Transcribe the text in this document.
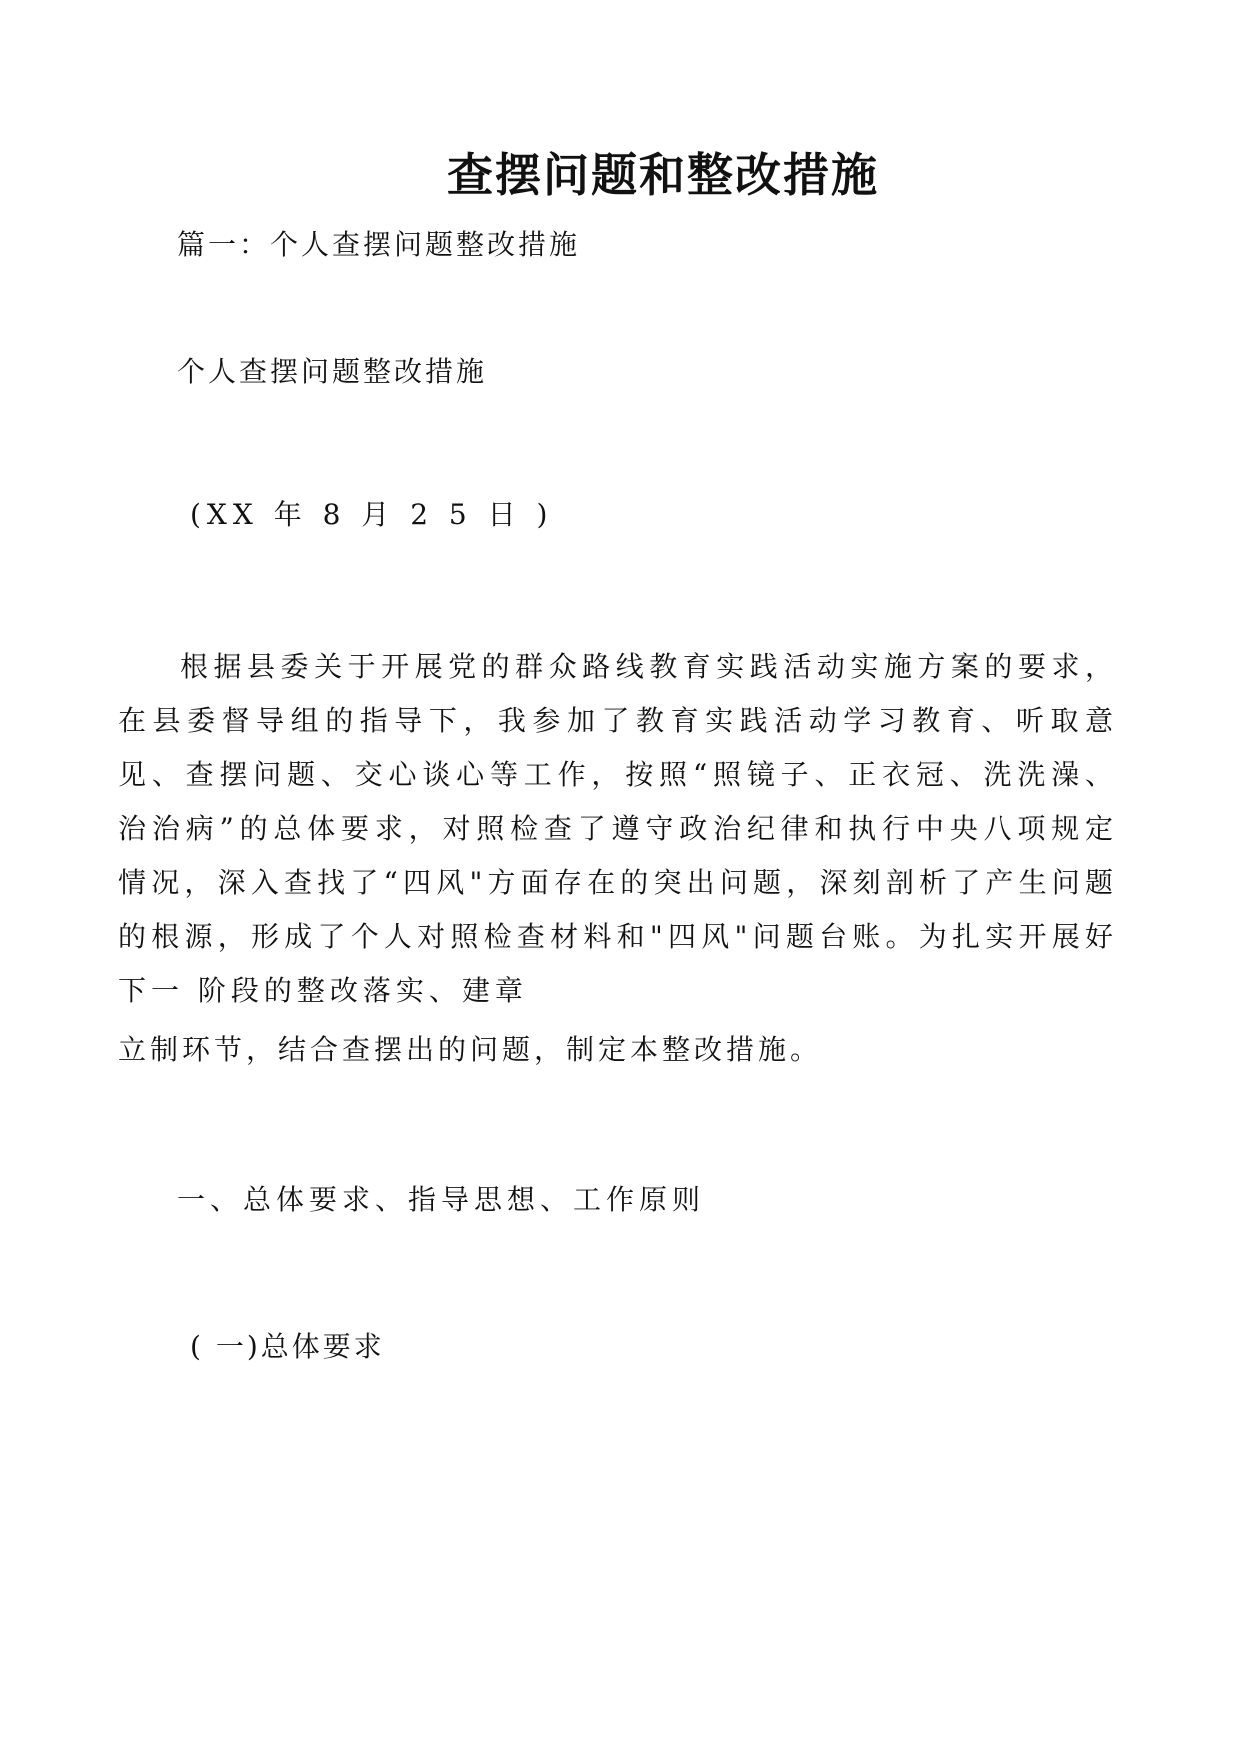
查摆问题和整改措施

篇一：个人查摆问题整改措施

个人查摆问题整改措施

(XX 年 8 月 2 5 日 )

根据县委关于开展党的群众路线教育实践活动实施方案的要求，在县委督导组的指导下，我参加了教育实践活动学习教育、听取意见、查摆问题、交心谈心等工作，按照“照镜子、正衣冠、洗洗澡、治治病”的总体要求，对照检查了遵守政治纪律和执行中央八项规定情况，深入查找了“四风"方面存在的突出问题，深刻剖析了产生问题的根源，形成了个人对照检查材料和"四风"问题台账。为扎实开展好下一 阶段的整改落实、建章

立制环节，结合查摆出的问题，制定本整改措施。

一、总体要求、指导思想、工作原则

( 一)总体要求
